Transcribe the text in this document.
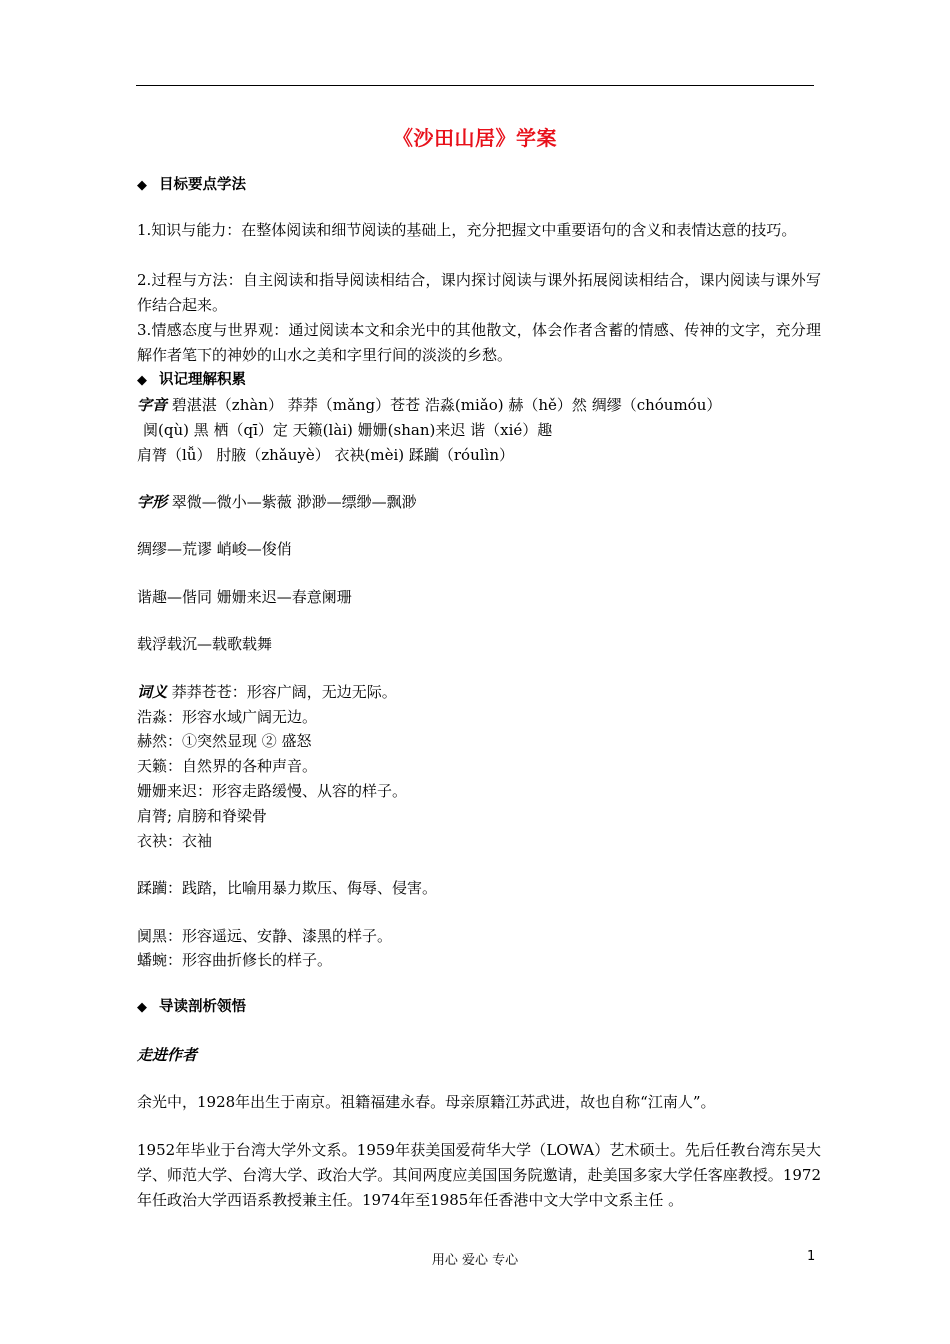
《沙田山居》学案
◆ 目标要点学法
1.知识与能力：在整体阅读和细节阅读的基础上，充分把握文中重要语句的含义和表情达意的技巧。
2.过程与方法：自主阅读和指导阅读相结合，课内探讨阅读与课外拓展阅读相结合，课内阅读与课外写作结合起来。
3.情感态度与世界观：通过阅读本文和余光中的其他散文，体会作者含蓄的情感、传神的文字，充分理解作者笔下的神妙的山水之美和字里行间的淡淡的乡愁。
◆ 识记理解积累
字音 碧湛湛（zhàn） 莽莽（mǎng）苍苍 浩淼(miǎo) 赫（hě）然 绸缪（chóumóu）
阒(qù) 黑 栖（qī）定 天籁(lài) 姗姗(shan)来迟 谐（xié）趣
肩膂（lǚ） 肘腋（zhǎuyè） 衣袂(mèi) 蹂躏（róulìn）
字形 翠微—微小—紫薇 渺渺—缥缈—飘渺
绸缪—荒谬 峭峻—俊俏
谐趣—偕同 姗姗来迟—春意阑珊
载浮载沉—载歌载舞
词义 莽莽苍苍：形容广阔，无边无际。
浩淼：形容水域广阔无边。
赫然：①突然显现 ② 盛怒
天籁：自然界的各种声音。
姗姗来迟：形容走路缓慢、从容的样子。
肩膂; 肩膀和脊梁骨
衣袂：衣袖
蹂躏：践踏，比喻用暴力欺压、侮辱、侵害。
阒黑：形容遥远、安静、漆黑的样子。
蟠蜿：形容曲折修长的样子。
◆ 导读剖析领悟
走进作者
余光中，1928年出生于南京。祖籍福建永春。母亲原籍江苏武进，故也自称“江南人”。
1952年毕业于台湾大学外文系。1959年获美国爱荷华大学（LOWA）艺术硕士。先后任教台湾东吴大学、师范大学、台湾大学、政治大学。其间两度应美国国务院邀请，赴美国多家大学任客座教授。1972年任政治大学西语系教授兼主任。1974年至1985年任香港中文大学中文系主任 。
用心 爱心 专心	1
